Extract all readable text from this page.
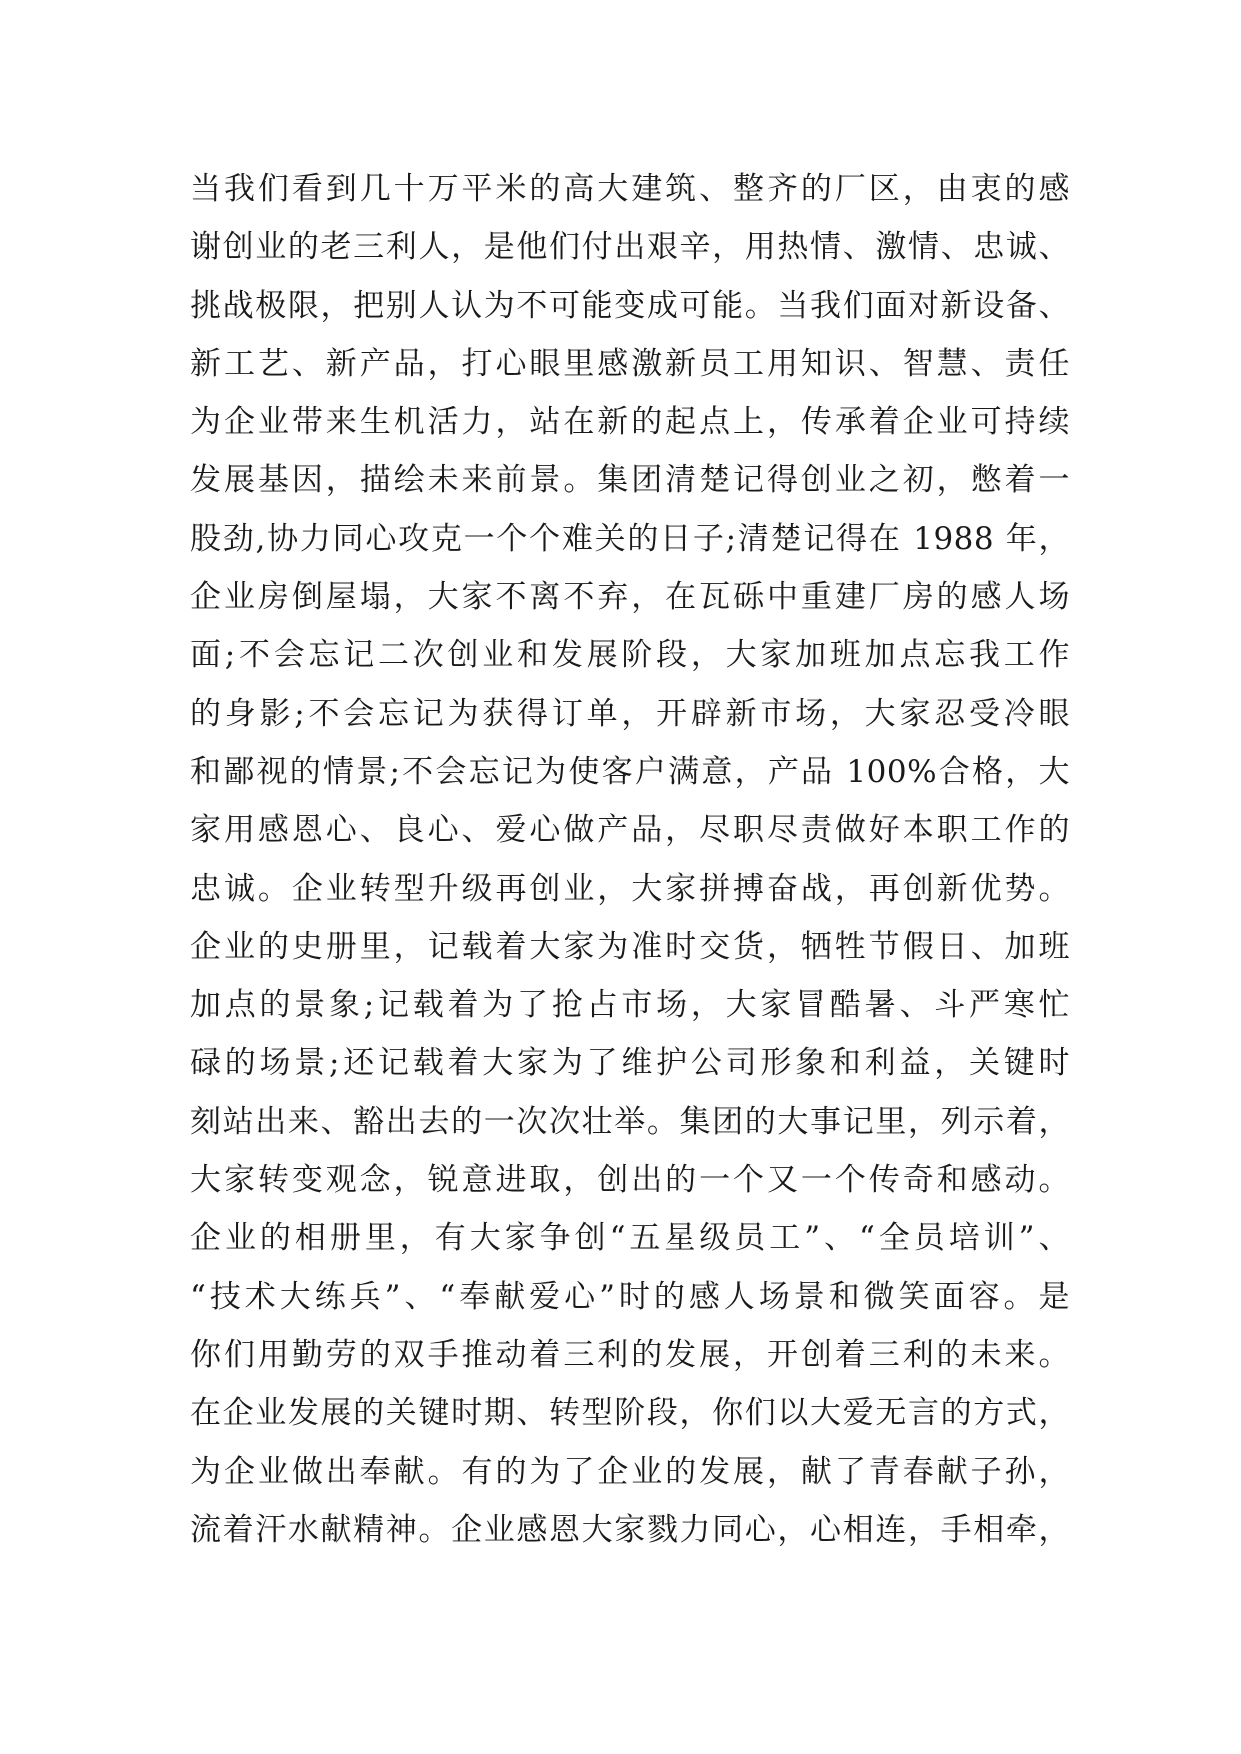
当我们看到几十万平米的高大建筑、整齐的厂区，由衷的感
谢创业的老三利人，是他们付出艰辛，用热情、激情、忠诚、
挑战极限，把别人认为不可能变成可能。当我们面对新设备、
新工艺、新产品，打心眼里感激新员工用知识、智慧、责任
为企业带来生机活力，站在新的起点上，传承着企业可持续
发展基因，描绘未来前景。集团清楚记得创业之初，憋着一
股劲,协力同心攻克一个个难关的日子;清楚记得在 1988 年，
企业房倒屋塌，大家不离不弃，在瓦砾中重建厂房的感人场
面;不会忘记二次创业和发展阶段，大家加班加点忘我工作
的身影;不会忘记为获得订单，开辟新市场，大家忍受冷眼
和鄙视的情景;不会忘记为使客户满意，产品 100%合格，大
家用感恩心、良心、爱心做产品，尽职尽责做好本职工作的
忠诚。企业转型升级再创业，大家拼搏奋战，再创新优势。
企业的史册里，记载着大家为准时交货，牺牲节假日、加班
加点的景象;记载着为了抢占市场，大家冒酷暑、斗严寒忙
碌的场景;还记载着大家为了维护公司形象和利益，关键时
刻站出来、豁出去的一次次壮举。集团的大事记里，列示着，
大家转变观念，锐意进取，创出的一个又一个传奇和感动。
企业的相册里，有大家争创“五星级员工”、“全员培训”、
“技术大练兵”、“奉献爱心”时的感人场景和微笑面容。是
你们用勤劳的双手推动着三利的发展，开创着三利的未来。
在企业发展的关键时期、转型阶段，你们以大爱无言的方式，
为企业做出奉献。有的为了企业的发展，献了青春献子孙，
流着汗水献精神。企业感恩大家戮力同心，心相连，手相牵，
